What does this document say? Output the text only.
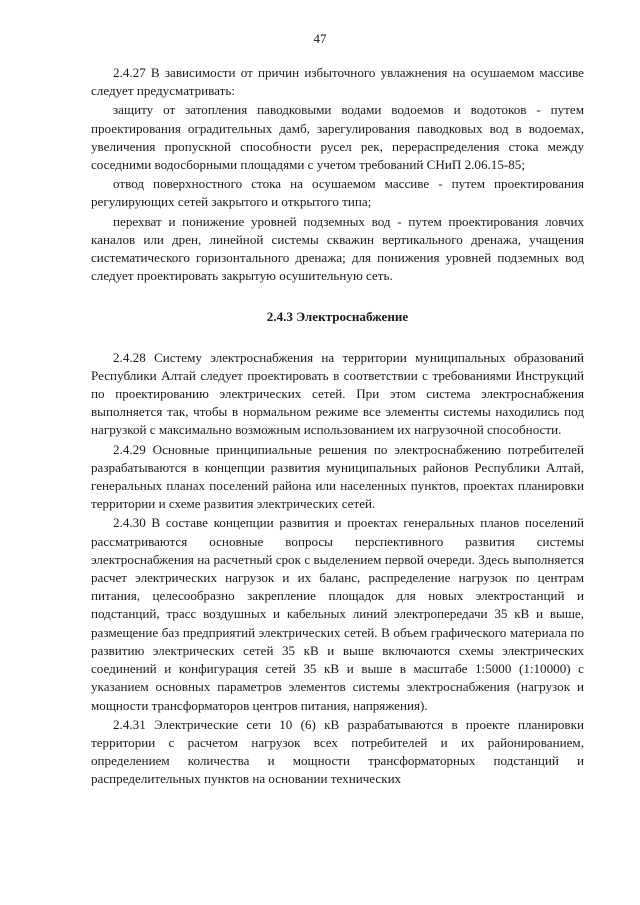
47

2.4.27 В зависимости от причин избыточного увлажнения на осушаемом массиве следует предусматривать:

защиту от затопления паводковыми водами водоемов и водотоков - путем проектирования оградительных дамб, зарегулирования паводковых вод в водоемах, увеличения пропускной способности русел рек, перераспределения стока между соседними водосборными площадями с учетом требований СНиП 2.06.15-85;

отвод поверхностного стока на осушаемом массиве - путем проектирования регулирующих сетей закрытого и открытого типа;

перехват и понижение уровней подземных вод - путем проектирования ловчих каналов или дрен, линейной системы скважин вертикального дренажа, учащения систематического горизонтального дренажа; для понижения уровней подземных вод следует проектировать закрытую осушительную сеть.

2.4.3 Электроснабжение

2.4.28 Систему электроснабжения на территории муниципальных образований Республики Алтай следует проектировать в соответствии с требованиями Инструкций по проектированию электрических сетей. При этом система электроснабжения выполняется так, чтобы в нормальном режиме все элементы системы находились под нагрузкой с максимально возможным использованием их нагрузочной способности.

2.4.29 Основные принципиальные решения по электроснабжению потребителей разрабатываются в концепции развития муниципальных районов Республики Алтай, генеральных планах поселений района или населенных пунктов, проектах планировки территории и схеме развития электрических сетей.

2.4.30 В составе концепции развития и проектах генеральных планов поселений рассматриваются основные вопросы перспективного развития системы электроснабжения на расчетный срок с выделением первой очереди. Здесь выполняется расчет электрических нагрузок и их баланс, распределение нагрузок по центрам питания, целесообразно закрепление площадок для новых электростанций и подстанций, трасс воздушных и кабельных линий электропередачи 35 кВ и выше, размещение баз предприятий электрических сетей. В объем графического материала по развитию электрических сетей 35 кВ и выше включаются схемы электрических соединений и конфигурация сетей 35 кВ и выше в масштабе 1:5000 (1:10000) с указанием основных параметров элементов системы электроснабжения (нагрузок и мощности трансформаторов центров питания, напряжения).

2.4.31 Электрические сети 10 (6) кВ разрабатываются в проекте планировки территории с расчетом нагрузок всех потребителей и их районированием, определением количества и мощности трансформаторных подстанций и распределительных пунктов на основании технических
